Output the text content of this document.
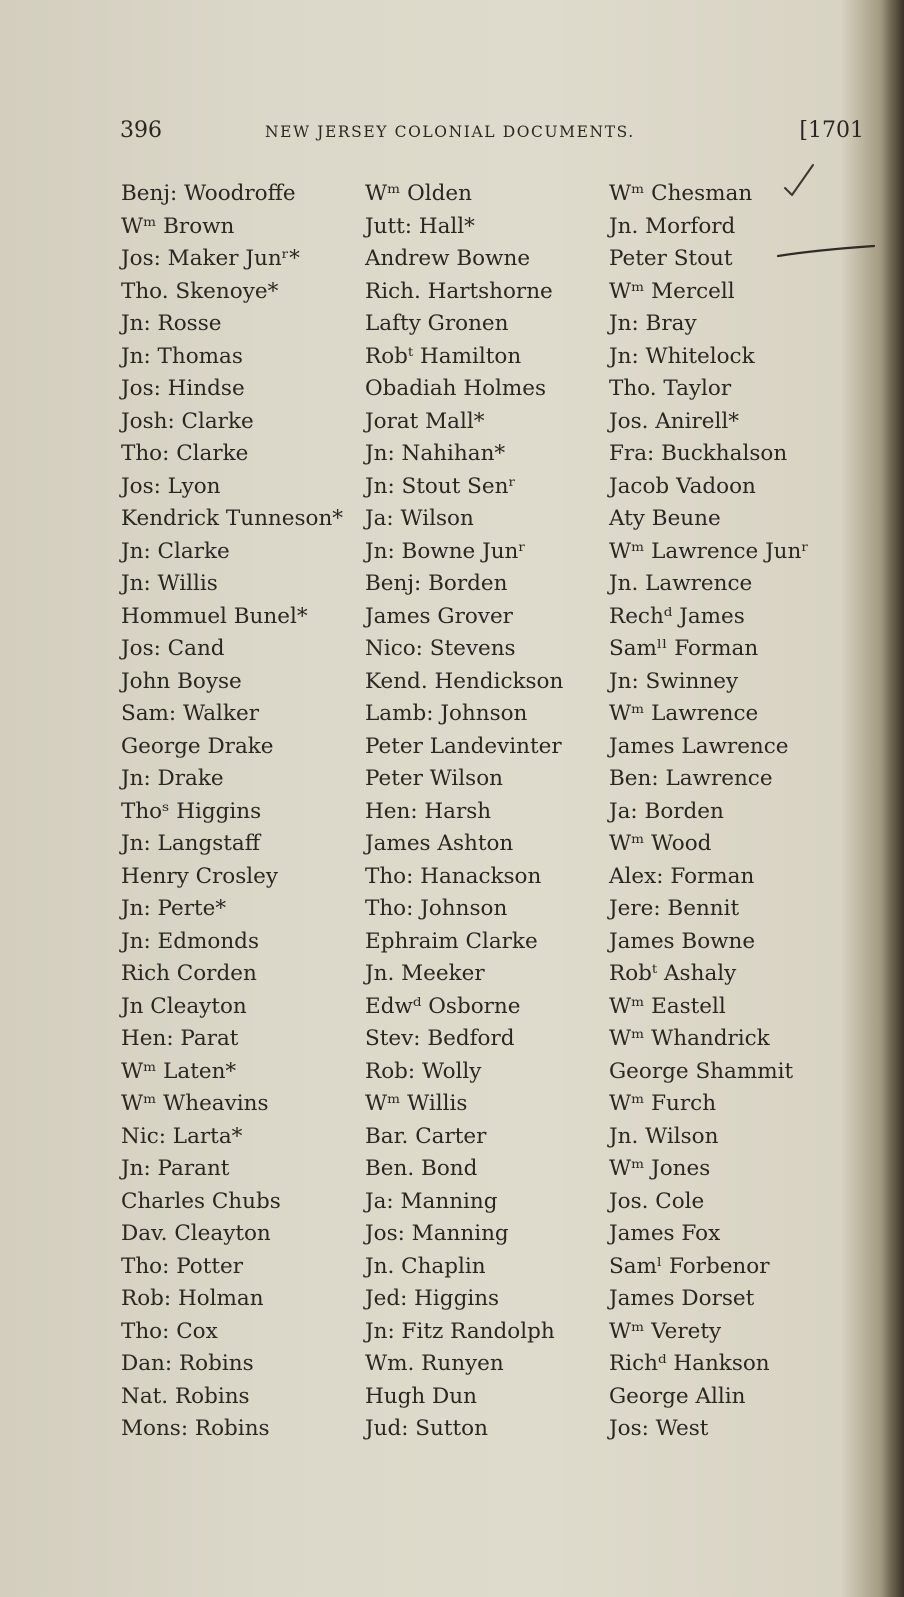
396	NEW JERSEY COLONIAL DOCUMENTS.	[1701
Benj: Woodroffe
Wᵐ Brown
Jos: Maker Junʳ*
Tho. Skenoye*
Jn: Rosse
Jn: Thomas
Jos: Hindse
Josh: Clarke
Tho: Clarke
Jos: Lyon
Kendrick Tunneson*
Jn: Clarke
Jn: Willis
Hommuel Bunel*
Jos: Cand
John Boyse
Sam: Walker
George Drake
Jn: Drake
Thoˢ Higgins
Jn: Langstaff
Henry Crosley
Jn: Perte*
Jn: Edmonds
Rich Corden
Jn Cleayton
Hen: Parat
Wᵐ Laten*
Wᵐ Wheavins
Nic: Larta*
Jn: Parant
Charles Chubs
Dav. Cleayton
Tho: Potter
Rob: Holman
Tho: Cox
Dan: Robins
Nat. Robins
Mons: Robins
Wᵐ Olden
Jutt: Hall*
Andrew Bowne
Rich. Hartshorne
Lafty Gronen
Robᵗ Hamilton
Obadiah Holmes
Jorat Mall*
Jn: Nahihan*
Jn: Stout Senʳ
Ja: Wilson
Jn: Bowne Junʳ
Benj: Borden
James Grover
Nico: Stevens
Kend. Hendickson
Lamb: Johnson
Peter Landevinter
Peter Wilson
Hen: Harsh
James Ashton
Tho: Hanackson
Tho: Johnson
Ephraim Clarke
Jn. Meeker
Edwᵈ Osborne
Stev: Bedford
Rob: Wolly
Wᵐ Willis
Bar. Carter
Ben. Bond
Ja: Manning
Jos: Manning
Jn. Chaplin
Jed: Higgins
Jn: Fitz Randolph
Wm. Runyen
Hugh Dun
Jud: Sutton
Wᵐ Chesman
Jn. Morford
Peter Stout
Wᵐ Mercell
Jn: Bray
Jn: Whitelock
Tho. Taylor
Jos. Anirell*
Fra: Buckhalson
Jacob Vadoon
Aty Beune
Wᵐ Lawrence Junʳ
Jn. Lawrence
Rechᵈ James
Samˡˡ Forman
Jn: Swinney
Wᵐ Lawrence
James Lawrence
Ben: Lawrence
Ja: Borden
Wᵐ Wood
Alex: Forman
Jere: Bennit
James Bowne
Robᵗ Ashaly
Wᵐ Eastell
Wᵐ Whandrick
George Shammit
Wᵐ Furch
Jn. Wilson
Wᵐ Jones
Jos. Cole
James Fox
Samˡ Forbenor
James Dorset
Wᵐ Verety
Richᵈ Hankson
George Allin
Jos: West
